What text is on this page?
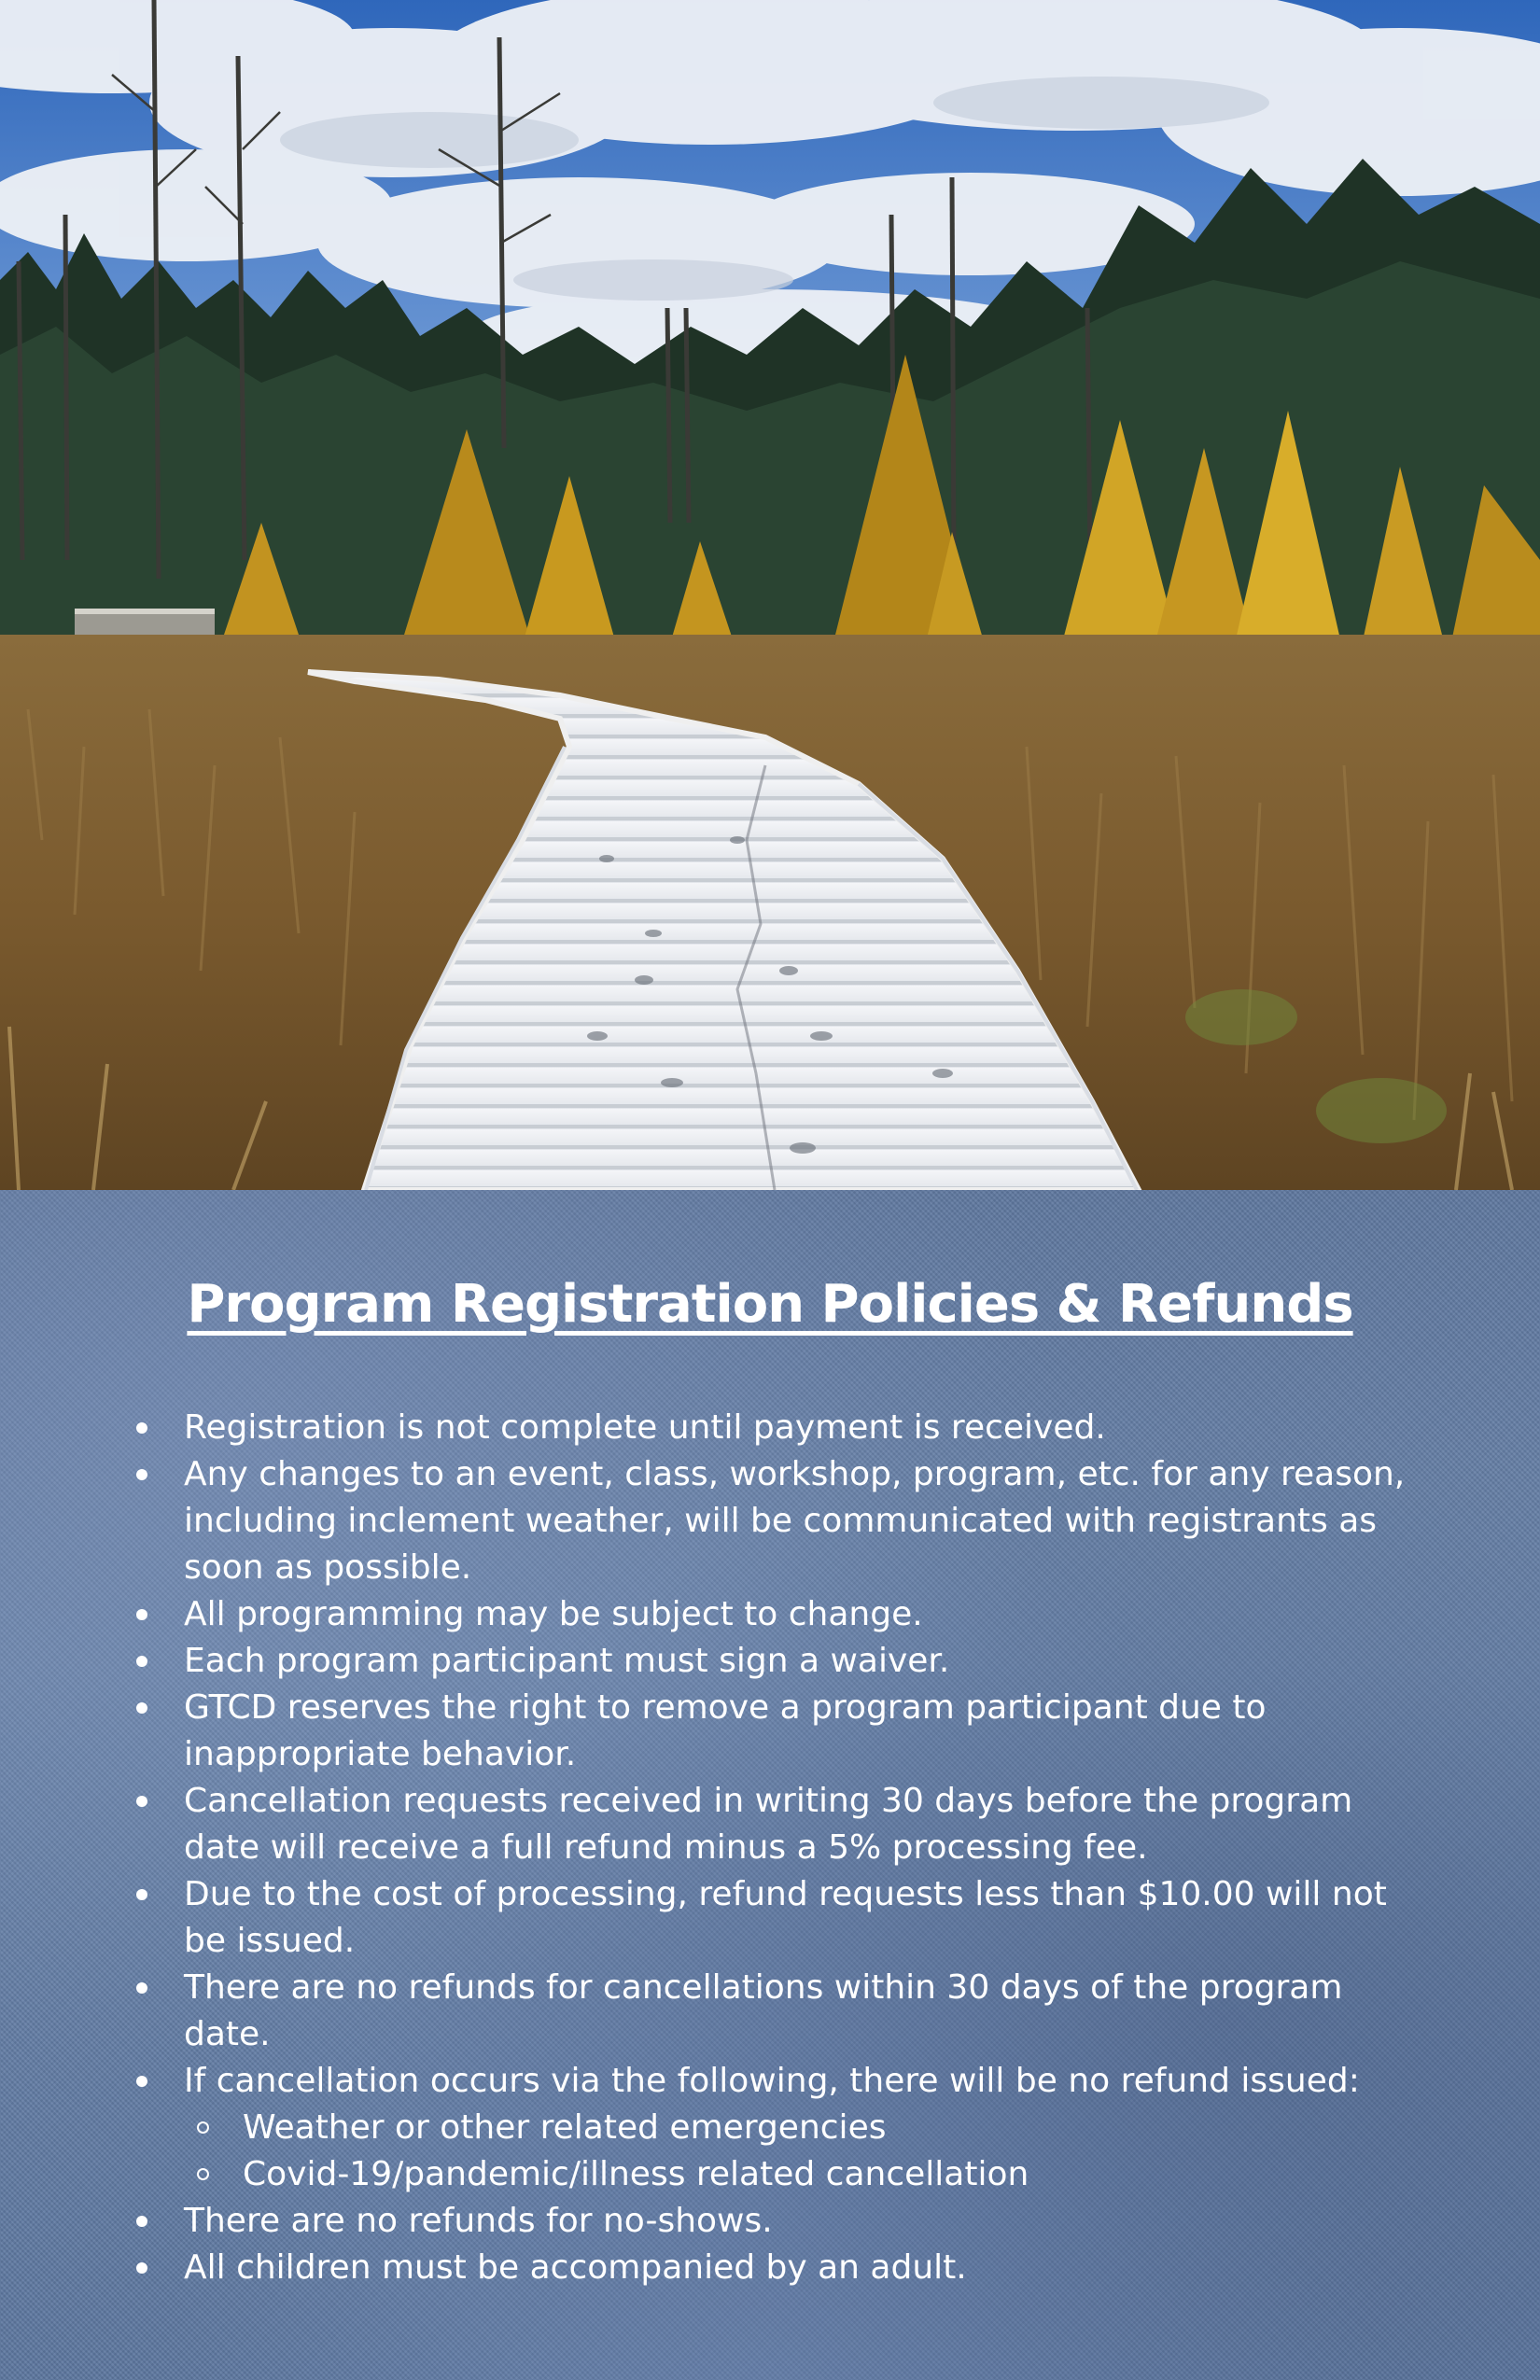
Program Registration Policies & Refunds
Registration is not complete until payment is received.
Any changes to an event, class, workshop, program, etc. for any reason, including inclement weather, will be communicated with registrants as soon as possible.
All programming may be subject to change.
Each program participant must sign a waiver.
GTCD reserves the right to remove a program participant due to inappropriate behavior.
Cancellation requests received in writing 30 days before the program date will receive a full refund minus a 5% processing fee.
Due to the cost of processing, refund requests less than $10.00 will not be issued.
There are no refunds for cancellations within 30 days of the program date.
If cancellation occurs via the following, there will be no refund issued:
Weather or other related emergencies
Covid-19/pandemic/illness related cancellation
There are no refunds for no-shows.
All children must be accompanied by an adult.
